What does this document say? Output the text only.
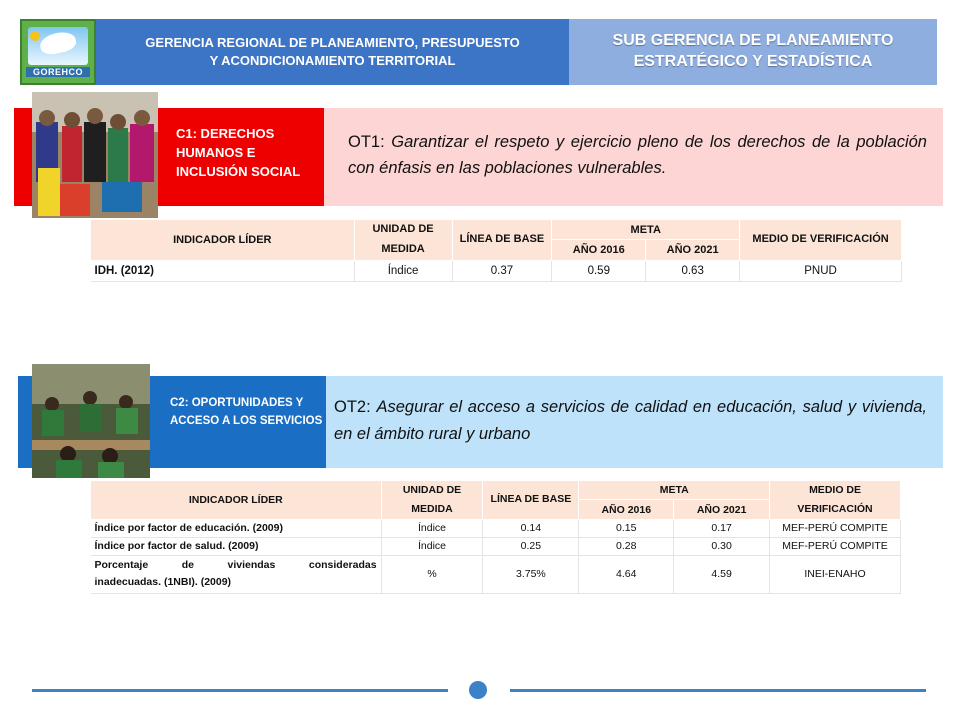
GOREHCO
GERENCIA REGIONAL DE PLANEAMIENTO, PRESUPUESTO
Y ACONDICIONAMIENTO TERRITORIAL
SUB GERENCIA DE PLANEAMIENTO
ESTRATÉGICO Y ESTADÍSTICA
C1: DERECHOS HUMANOS E INCLUSIÓN SOCIAL
OT1: Garantizar el respeto y ejercicio pleno de los derechos de la población con énfasis en las poblaciones vulnerables.
INDICADOR LÍDER	UNIDAD DE MEDIDA	LÍNEA DE BASE	META		MEDIO DE VERIFICACIÓN
			AÑO 2016	AÑO 2021	
IDH. (2012)	Índice	0.37	0.59	0.63	PNUD
C2: OPORTUNIDADES Y ACCESO A LOS SERVICIOS
OT2: Asegurar el acceso a servicios de calidad en educación, salud y vivienda, en el ámbito rural y urbano
INDICADOR LÍDER	UNIDAD DE MEDIDA	LÍNEA DE BASE	META		MEDIO DE VERIFICACIÓN
			AÑO 2016	AÑO 2021	
Índice por factor de educación. (2009)	Índice	0.14	0.15	0.17	MEF-PERÚ COMPITE
Índice por factor de salud. (2009)	Índice	0.25	0.28	0.30	MEF-PERÚ COMPITE

Porcentaje de viviendas consideradas
inadecuadas. (1NBI). (2009)	%	3.75%	4.64	4.59	INEI-ENAHO
